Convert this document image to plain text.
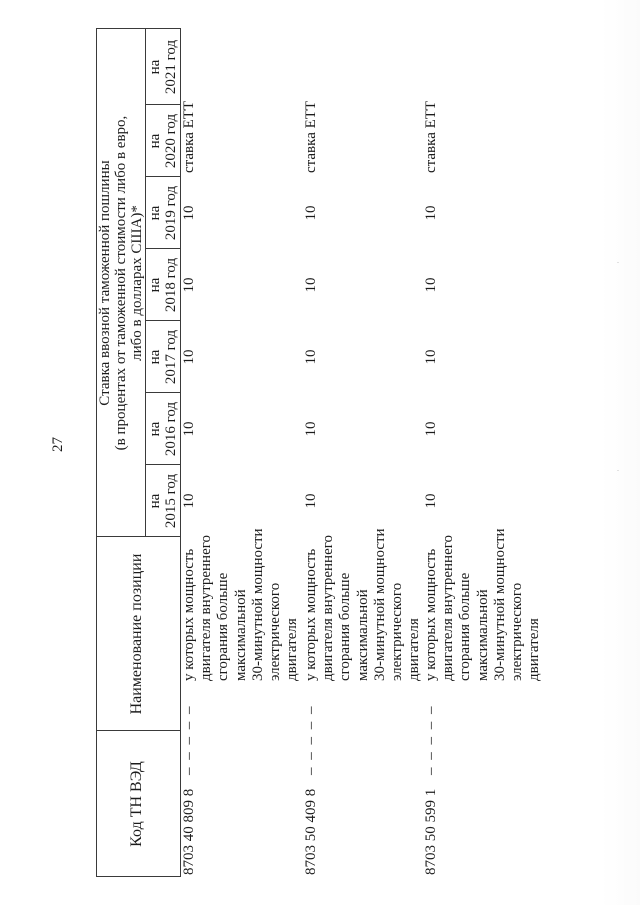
27
Код ТН ВЭД
Наименование позиции
Ставка ввозной таможенной пошлины (в процентах от таможенной стоимости либо в евро, либо в долларах США)*
на 2015 год
на 2016 год
на 2017 год
на 2018 год
на 2019 год
на 2020 год
на 2021 год
8703 40 809 8
– – – – –
у которых мощность двигателя внутреннего сгорания больше максимальной 30-минутной мощности электрического двигателя
10
10
10
10
10
ставка ЕТТ
8703 50 409 8
– – – – –
у которых мощность двигателя внутреннего сгорания больше максимальной 30-минутной мощности электрического двигателя
10
10
10
10
10
ставка ЕТТ
8703 50 599 1
– – – – –
у которых мощность двигателя внутреннего сгорания больше максимальной 30-минутной мощности электрического двигателя
10
10
10
10
10
ставка ЕТТ
